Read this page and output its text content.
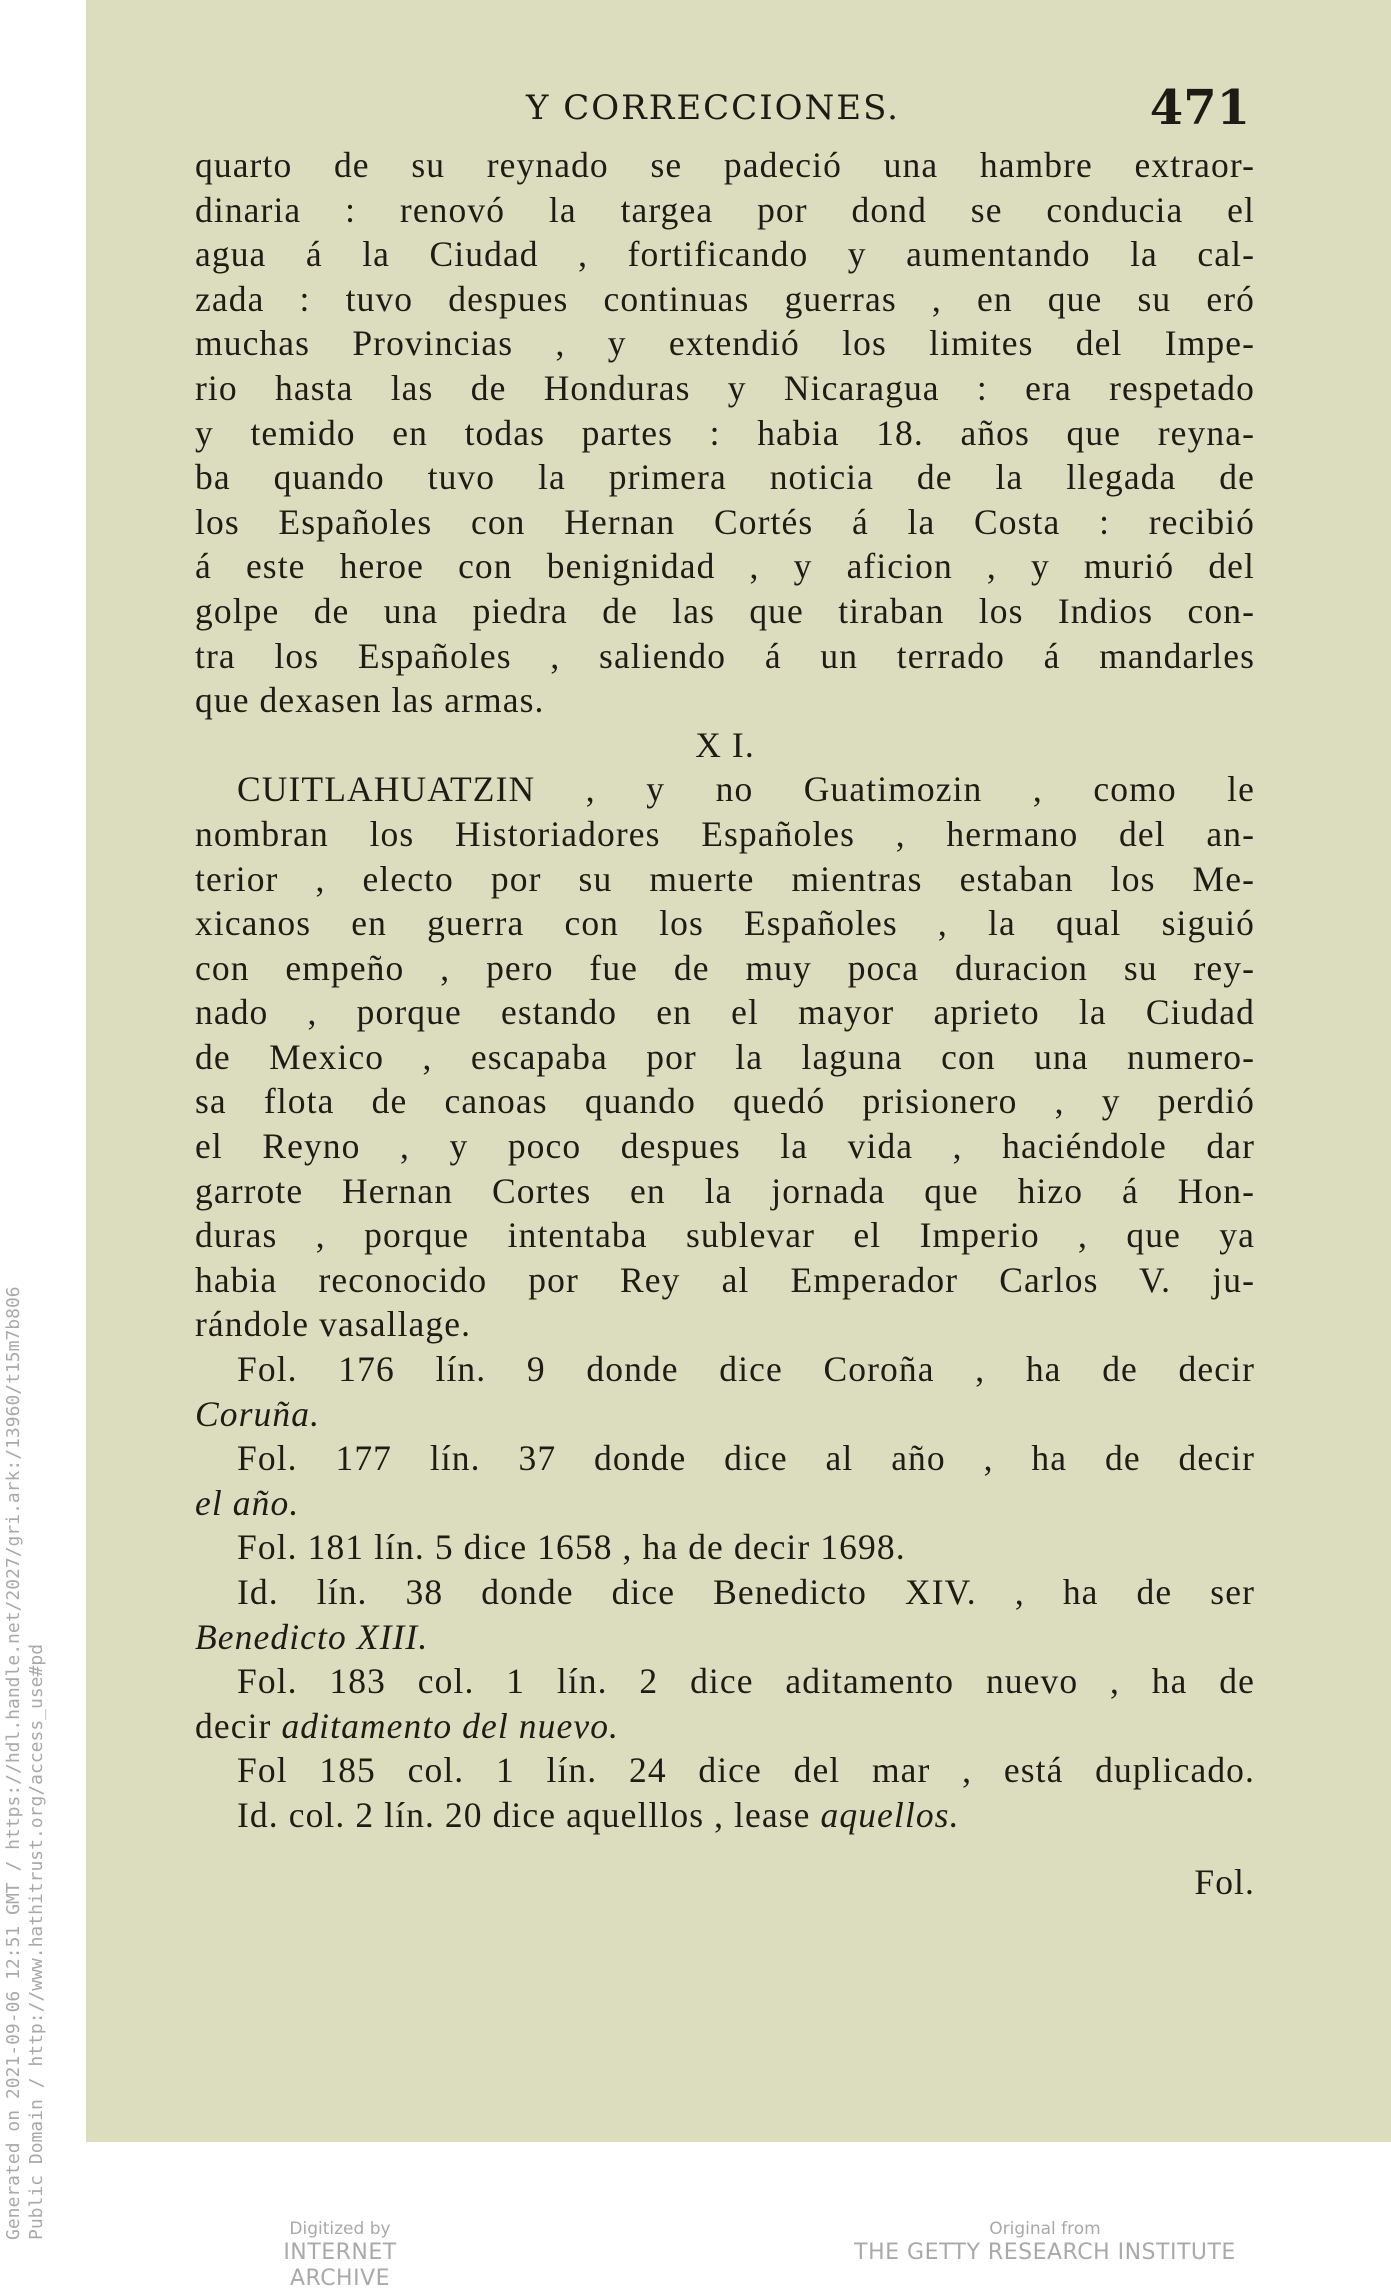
Y CORRECCIONES.	471
quarto de su reynado se padeció una hambre extraor-
dinaria : renovó la targea por dond se conducia el
agua á la Ciudad , fortificando y aumentando la cal-
zada : tuvo despues continuas guerras , en que su eró
muchas Provincias , y extendió los limites del Impe-
rio hasta las de Honduras y Nicaragua : era respetado
y temido en todas partes : habia 18. años que reyna-
ba quando tuvo la primera noticia de la llegada de
los Españoles con Hernan Cortés á la Costa : recibió
á este heroe con benignidad , y aficion , y murió del
golpe de una piedra de las que tiraban los Indios con-
tra los Españoles , saliendo á un terrado á mandarles
que dexasen las armas.
X I.
CUITLAHUATZIN , y no Guatimozin , como le
nombran los Historiadores Españoles , hermano del an-
terior , electo por su muerte mientras estaban los Me-
xicanos en guerra con los Españoles , la qual siguió
con empeño , pero fue de muy poca duracion su rey-
nado , porque estando en el mayor aprieto la Ciudad
de Mexico , escapaba por la laguna con una numero-
sa flota de canoas quando quedó prisionero , y perdió
el Reyno , y poco despues la vida , haciéndole dar
garrote Hernan Cortes en la jornada que hizo á Hon-
duras , porque intentaba sublevar el Imperio , que ya
habia reconocido por Rey al Emperador Carlos V. ju-
rándole vasallage.
Fol. 176 lín. 9 donde dice Coroña , ha de decir
Coruña.
Fol. 177 lín. 37 donde dice al año , ha de decir
el año.
Fol. 181 lín. 5 dice 1658 , ha de decir 1698.
Id. lín. 38 donde dice Benedicto XIV. , ha de ser
Benedicto XIII.
Fol. 183 col. 1 lín. 2 dice aditamento nuevo , ha de
decir aditamento del nuevo.
Fol 185 col. 1 lín. 24 dice del mar , está duplicado.
Id. col. 2 lín. 20 dice aquelllos , lease aquellos.
Fol.
Digitized by
INTERNET ARCHIVE
Original from
THE GETTY RESEARCH INSTITUTE
Generated on 2021-09-06 12:51 GMT / https://hdl.handle.net/2027/gri.ark:/13960/t15m7b806 Public Domain / http://www.hathitrust.org/access_use#pd
